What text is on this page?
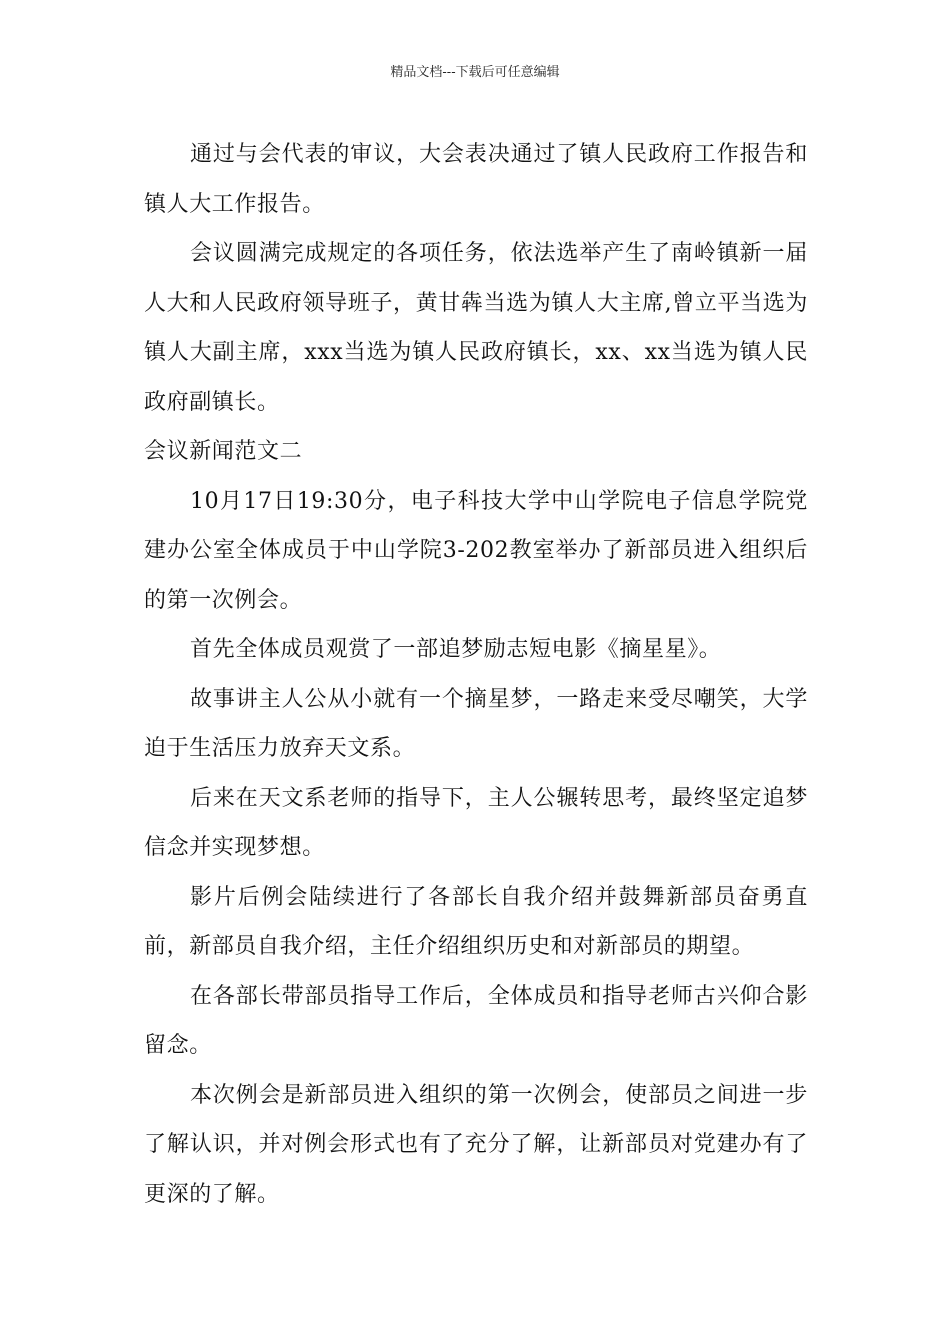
精品文档---下载后可任意编辑

通过与会代表的审议，大会表决通过了镇人民政府工作报告和镇人大工作报告。

会议圆满完成规定的各项任务，依法选举产生了南岭镇新一届人大和人民政府领导班子，黄甘犇当选为镇人大主席,曾立平当选为镇人大副主席，xxx当选为镇人民政府镇长，xx、xx当选为镇人民政府副镇长。

会议新闻范文二

10月17日19:30分，电子科技大学中山学院电子信息学院党建办公室全体成员于中山学院3-202教室举办了新部员进入组织后的第一次例会。

首先全体成员观赏了一部追梦励志短电影《摘星星》。

故事讲主人公从小就有一个摘星梦，一路走来受尽嘲笑，大学迫于生活压力放弃天文系。

后来在天文系老师的指导下，主人公辗转思考，最终坚定追梦信念并实现梦想。

影片后例会陆续进行了各部长自我介绍并鼓舞新部员奋勇直前，新部员自我介绍，主任介绍组织历史和对新部员的期望。

在各部长带部员指导工作后，全体成员和指导老师古兴仰合影留念。

本次例会是新部员进入组织的第一次例会，使部员之间进一步了解认识，并对例会形式也有了充分了解，让新部员对党建办有了更深的了解。
